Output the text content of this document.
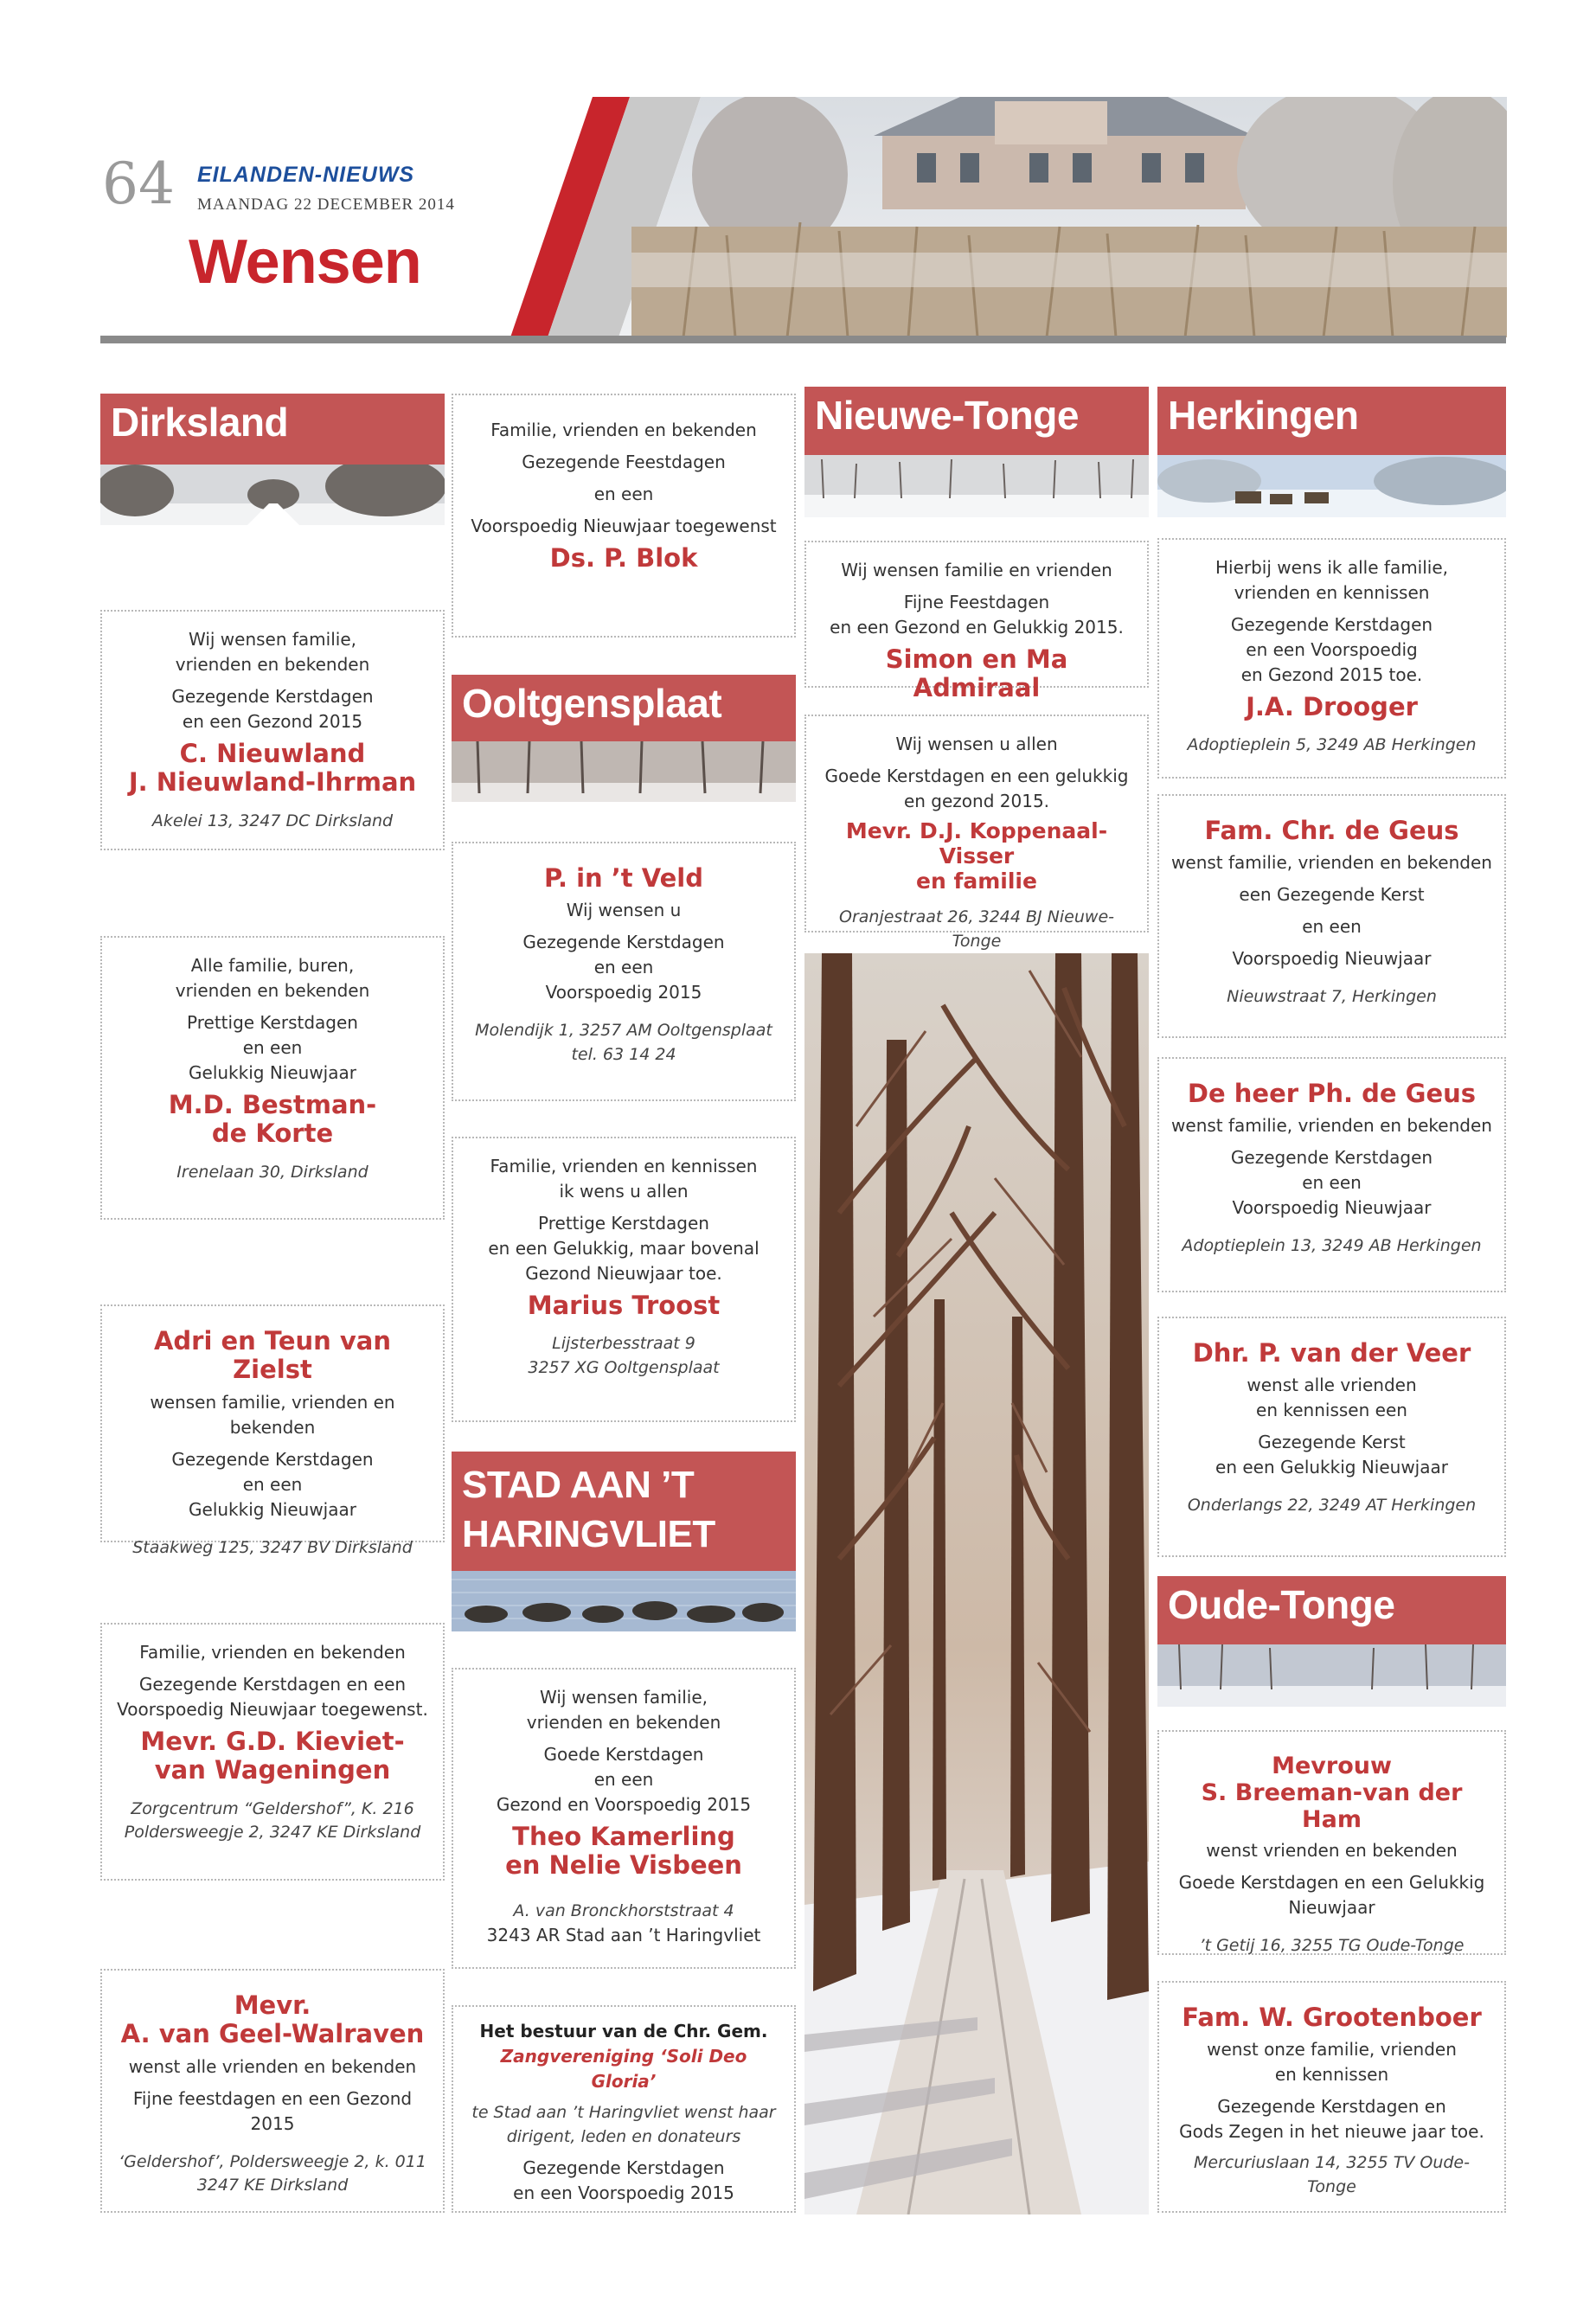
64 EILANDEN-NIEUWS
MAANDAG 22 DECEMBER 2014
Wensen
Dirksland

Wij wensen familie,

vrienden en bekenden

Gezegende Kerstdagen

en een Gezond 2015

C. Nieuwland
J. Nieuwland-Ihrman

Akelei 13, 3247 DC Dirksland

Alle familie, buren,

vrienden en bekenden

Prettige Kerstdagen

en een

Gelukkig Nieuwjaar

M.D. Bestman-
de Korte

Irenelaan 30, Dirksland

Adri en Teun van Zielst

wensen familie, vrienden en bekenden

Gezegende Kerstdagen

en een

Gelukkig Nieuwjaar

Staakweg 125, 3247 BV Dirksland

Familie, vrienden en bekenden

Gezegende Kerstdagen en een

Voorspoedig Nieuwjaar toegewenst.

Mevr. G.D. Kieviet-
van Wageningen

Zorgcentrum “Geldershof”, K. 216

Poldersweegje 2, 3247 KE Dirksland

Mevr.
A. van Geel-Walraven

wenst alle vrienden en bekenden

Fijne feestdagen en een Gezond 2015

‘Geldershof’, Poldersweegje 2, k. 011

3247 KE Dirksland

Familie, vrienden en bekenden

Gezegende Feestdagen

en een

Voorspoedig Nieuwjaar toegewenst

Ds. P. Blok
Ooltgensplaat
P. in ’t Veld

Wij wensen u

Gezegende Kerstdagen

en een

Voorspoedig 2015

Molendijk 1, 3257 AM Ooltgensplaat

tel. 63 14 24

Familie, vrienden en kennissen

ik wens u allen

Prettige Kerstdagen

en een Gelukkig, maar bovenal

Gezond Nieuwjaar toe.

Marius Troost

Lijsterbesstraat 9

3257 XG Ooltgensplaat

STAD AAN ’T HARINGVLIET

Wij wensen familie,

vrienden en bekenden

Goede Kerstdagen

en een

Gezond en Voorspoedig 2015

Theo Kamerling
en Nelie Visbeen

A. van Bronckhorststraat 4

3243 AR Stad aan ’t Haringvliet

Het bestuur van de Chr. Gem.

Zangvereniging ‘Soli Deo Gloria’

te Stad aan ’t Haringvliet wenst haar

dirigent, leden en donateurs

Gezegende Kerstdagen

en een Voorspoedig 2015

Nieuwe-Tonge

Wij wensen familie en vrienden

Fijne Feestdagen

en een Gezond en Gelukkig 2015.

Simon en Ma Admiraal

Wij wensen u allen

Goede Kerstdagen en een gelukkig

en gezond 2015.

Mevr. D.J. Koppenaal-Visser
en familie

Oranjestraat 26, 3244 BJ Nieuwe-Tonge

Herkingen

Hierbij wens ik alle familie,

vrienden en kennissen

Gezegende Kerstdagen

en een Voorspoedig

en Gezond 2015 toe.

J.A. Drooger

Adoptieplein 5, 3249 AB Herkingen

Fam. Chr. de Geus

wenst familie, vrienden en bekenden

een Gezegende Kerst

en een

Voorspoedig Nieuwjaar

Nieuwstraat 7, Herkingen

De heer Ph. de Geus

wenst familie, vrienden en bekenden

Gezegende Kerstdagen

en een

Voorspoedig Nieuwjaar

Adoptieplein 13, 3249 AB Herkingen

Dhr. P. van der Veer

wenst alle vrienden

en kennissen een

Gezegende Kerst

en een Gelukkig Nieuwjaar

Onderlangs 22, 3249 AT Herkingen

Oude-Tonge
Mevrouw
S. Breeman-van der Ham

wenst vrienden en bekenden

Goede Kerstdagen en een Gelukkig

Nieuwjaar

’t Getij 16, 3255 TG Oude-Tonge

Fam. W. Grootenboer

wenst onze familie, vrienden

en kennissen

Gezegende Kerstdagen en

Gods Zegen in het nieuwe jaar toe.

Mercuriuslaan 14, 3255 TV Oude-Tonge
